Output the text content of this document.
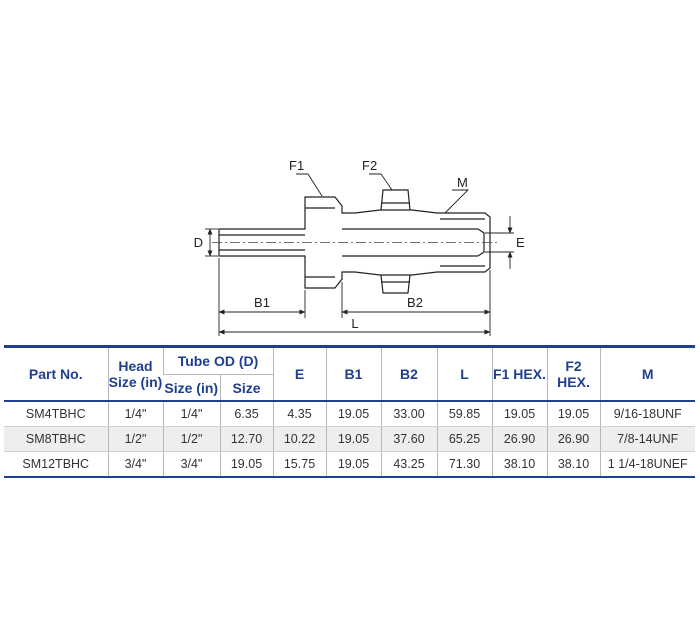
F1	F2
M
D	E
B1	B2
L
Part No.	Head Size (in)	Tube OD (D)		E	B1	B2	L	F1 HEX.	F2 HEX.	M
		Size (in)	Size							
SM4TBHC	1/4"	1/4"	6.35	4.35	19.05	33.00	59.85	19.05	19.05	9/16-18UNF
SM8TBHC	1/2"	1/2"	12.70	10.22	19.05	37.60	65.25	26.90	26.90	7/8-14UNF
SM12TBHC	3/4"	3/4"	19.05	15.75	19.05	43.25	71.30	38.10	38.10	1 1/4-18UNEF
